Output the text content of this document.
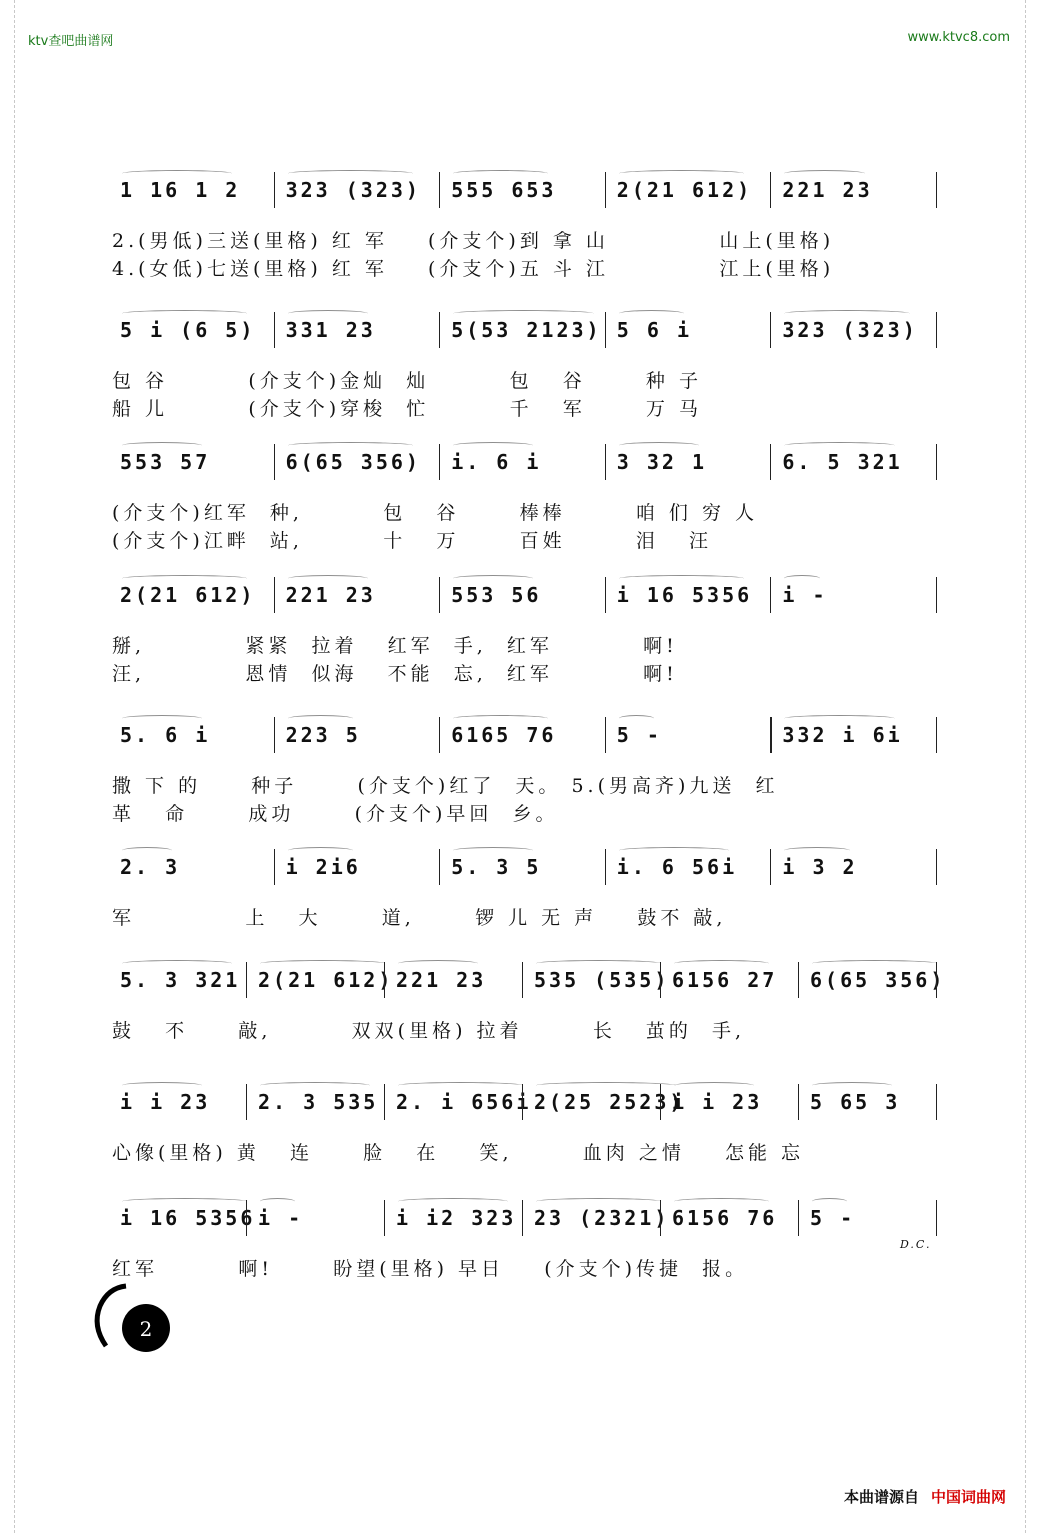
ktv查吧曲谱网	www.ktvc8.com
1 16 1 2 323 (323) 555 653	2(21 612) 221 23
2.(男低)三送(里格) 红 军    (介支个)到 拿 山           山上(里格)
4.(女低)七送(里格) 红 军    (介支个)五 斗 江           江上(里格)
5 i (6 5) 331 23	5(53 2123) 5 6 i	323 (323)
包 谷        (介支个)金灿  灿        包   谷      种 子
船 儿        (介支个)穿梭  忙        千   军      万 马
553 57	6(65 356) i. 6 i	3 32 1	6. 5 321
(介支个)红军  种,        包   谷      棒棒       咱 们 穷 人
(介支个)江畔  站,        十   万      百姓       泪   汪
2(21 612) 221 23	553 56	i 16 5356 i -
掰,          紧紧  拉着   红军  手,  红军         啊!
汪,          恩情  似海   不能  忘,  红军         啊!
5. 6 i	223 5	6165 76	5 -	332 i 6i
撒 下 的     种子      (介支个)红了  天。 5.(男高齐)九送  红
革   命      成功      (介支个)早回  乡。
2. 3	i 2i6	5. 3 5	i. 6 56i i 3 2
军           上   大      道,      锣 儿 无 声    鼓不 敲,
5. 3 321 2(21 612) 221 23 535 (535) 6156 27 6(65 356)
鼓   不     敲,        双双(里格) 拉着       长   茧的  手,
i i 23 2. 3 535 2. i 656i 2(25 2523)
i i 23 5 65 3
心像(里格) 黄   连     脸   在    笑,       血肉 之情    怎能 忘
i 16 5356 i -	i i2 323 23 (2321) 6156 76 5 -
红军        啊!      盼望(里格) 早日    (介支个)传捷  报。
D.C.
2
本曲谱源自 中国词曲网
